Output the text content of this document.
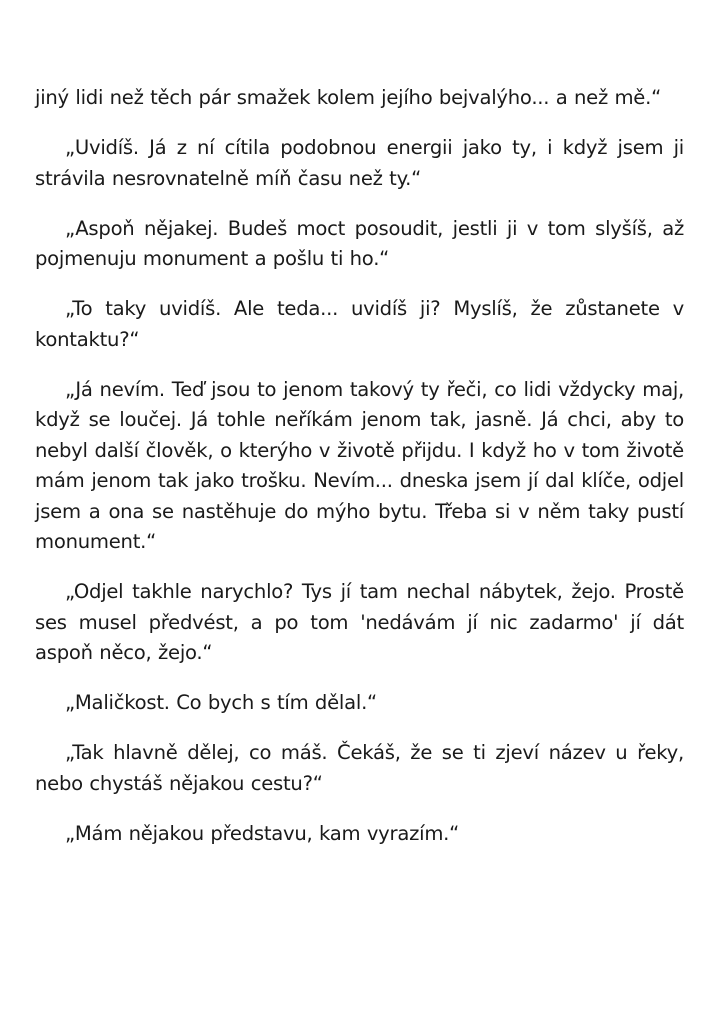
jiný lidi než těch pár smažek kolem jejího bejvalýho... a než mě.“

„Uvidíš. Já z ní cítila podobnou energii jako ty, i když jsem ji strávila nesrovnatelně míň času než ty.“

„Aspoň nějakej. Budeš moct posoudit, jestli ji v tom slyšíš, až pojmenuju monument a pošlu ti ho.“

„To taky uvidíš. Ale teda... uvidíš ji? Myslíš, že zůstanete v kontaktu?“

„Já nevím. Teď jsou to jenom takový ty řeči, co lidi vždycky maj, když se loučej. Já tohle neříkám jenom tak, jasně. Já chci, aby to nebyl další člověk, o kterýho v životě přijdu. I když ho v tom životě mám jenom tak jako trošku. Nevím... dneska jsem jí dal klíče, odjel jsem a ona se nastěhuje do mýho bytu. Třeba si v něm taky pustí monument.“

„Odjel takhle narychlo? Tys jí tam nechal nábytek, žejo. Prostě ses musel předvést, a po tom 'nedávám jí nic zadarmo' jí dát aspoň něco, žejo.“

„Maličkost. Co bych s tím dělal.“

„Tak hlavně dělej, co máš. Čekáš, že se ti zjeví název u řeky, nebo chystáš nějakou cestu?“

„Mám nějakou představu, kam vyrazím.“
